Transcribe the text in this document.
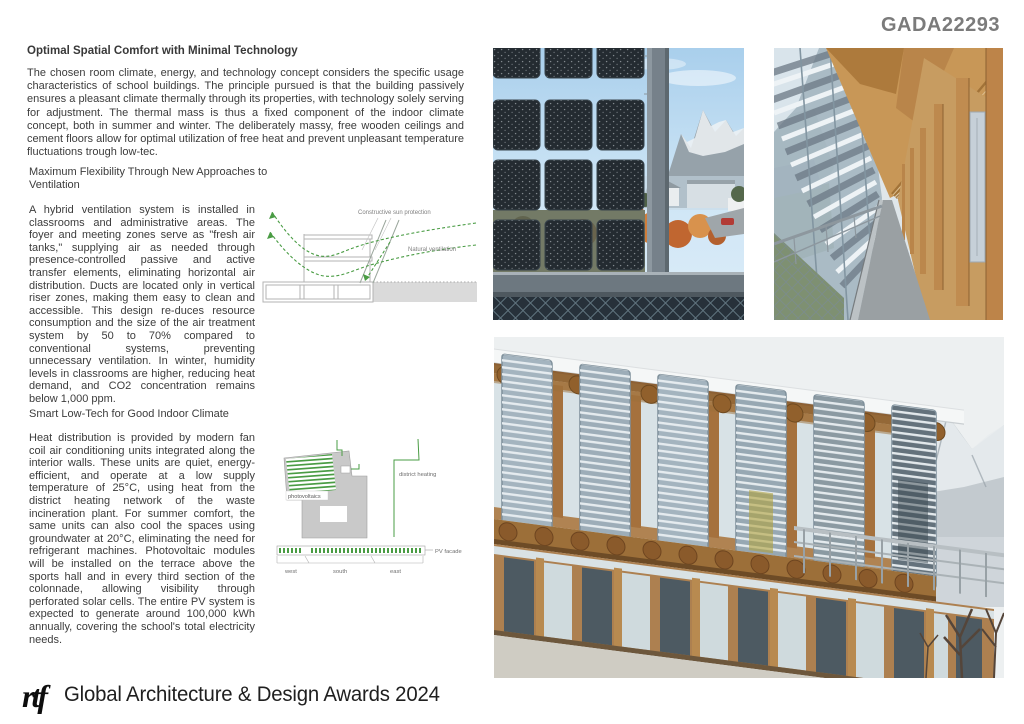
GADA22293
Optimal Spatial Comfort with Minimal Technology
The chosen room climate, energy, and technology concept considers the specific usage characteristics of school buildings. The principle pursued is that the building passively ensures a pleasant climate thermally through its properties, with technology solely serving for adjustment. The thermal mass is thus a fixed component of the indoor climate concept, both in summer and winter. The deliberately massy, free wooden ceilings and cement floors allow for optimal utilization of free heat and prevent unpleasant temperature fluctuations trough low-tec.
Maximum Flexibility Through New Approaches to Ventilation
A hybrid ventilation system is installed in classrooms and administrative areas. The foyer and meeting zones serve as "fresh air tanks," supplying air as needed through presence-controlled passive and active transfer elements, eliminating horizontal air distribution. Ducts are located only in vertical riser zones, making them easy to clean and accessible. This design re-duces resource consumption and the size of the air treatment system by 50 to 70% compared to conventional systems, preventing unnecessary ventilation. In winter, humidity levels in classrooms are higher, reducing heat demand, and CO2 concentration remains below 1,000 ppm.
Smart Low-Tech for Good Indoor Climate
Heat distribution is provided by modern fan coil air conditioning units integrated along the interior walls. These units are quiet, energy-efficient, and operate at a low supply temperature of 25°C, using heat from the district heating network of the waste incineration plant. For summer comfort, the same units can also cool the spaces using groundwater at 20°C, eliminating the need for refrigerant machines. Photovoltaic modules will be installed on the terrace above the sports hall and in every third section of the colonnade, allowing visibility through perforated solar cells. The entire PV system is expected to generate around 100,000 kWh annually, covering the school's total electricity needs.
Constructive sun protection
Natural ventilation
photovoltaics
district heating
PV facade
west	south	east
rtf Global Architecture & Design Awards 2024
